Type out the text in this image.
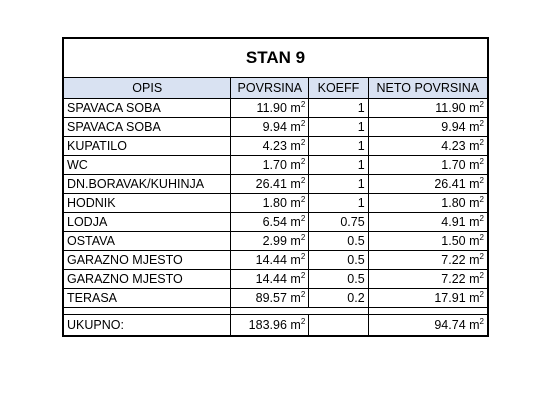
STAN 9			
OPIS	POVRSINA	KOEFF	NETO POVRSINA
SPAVACA SOBA	11.90 $m^2$	1	11.90 $m^2$
SPAVACA SOBA	9.94 $m^2$	1	9.94 $m^2$
KUPATILO	4.23 $m^2$	1	4.23 $m^2$
WC	1.70 $m^2$	1	1.70 $m^2$
DN.BORAVAK/KUHINJA	26.41 $m^2$	1	26.41 $m^2$
HODNIK	1.80 $m^2$	1	1.80 $m^2$
LODJA	6.54 $m^2$	0.75	4.91 $m^2$
OSTAVA	2.99 $m^2$	0.5	1.50 $m^2$
GARAZNO MJESTO	14.44 $m^2$	0.5	7.22 $m^2$
GARAZNO MJESTO	14.44 $m^2$	0.5	7.22 $m^2$
TERASA	89.57 $m^2$	0.2	17.91 $m^2$

UKUPNO:	183.96 $m^2$		94.74 $m^2$
